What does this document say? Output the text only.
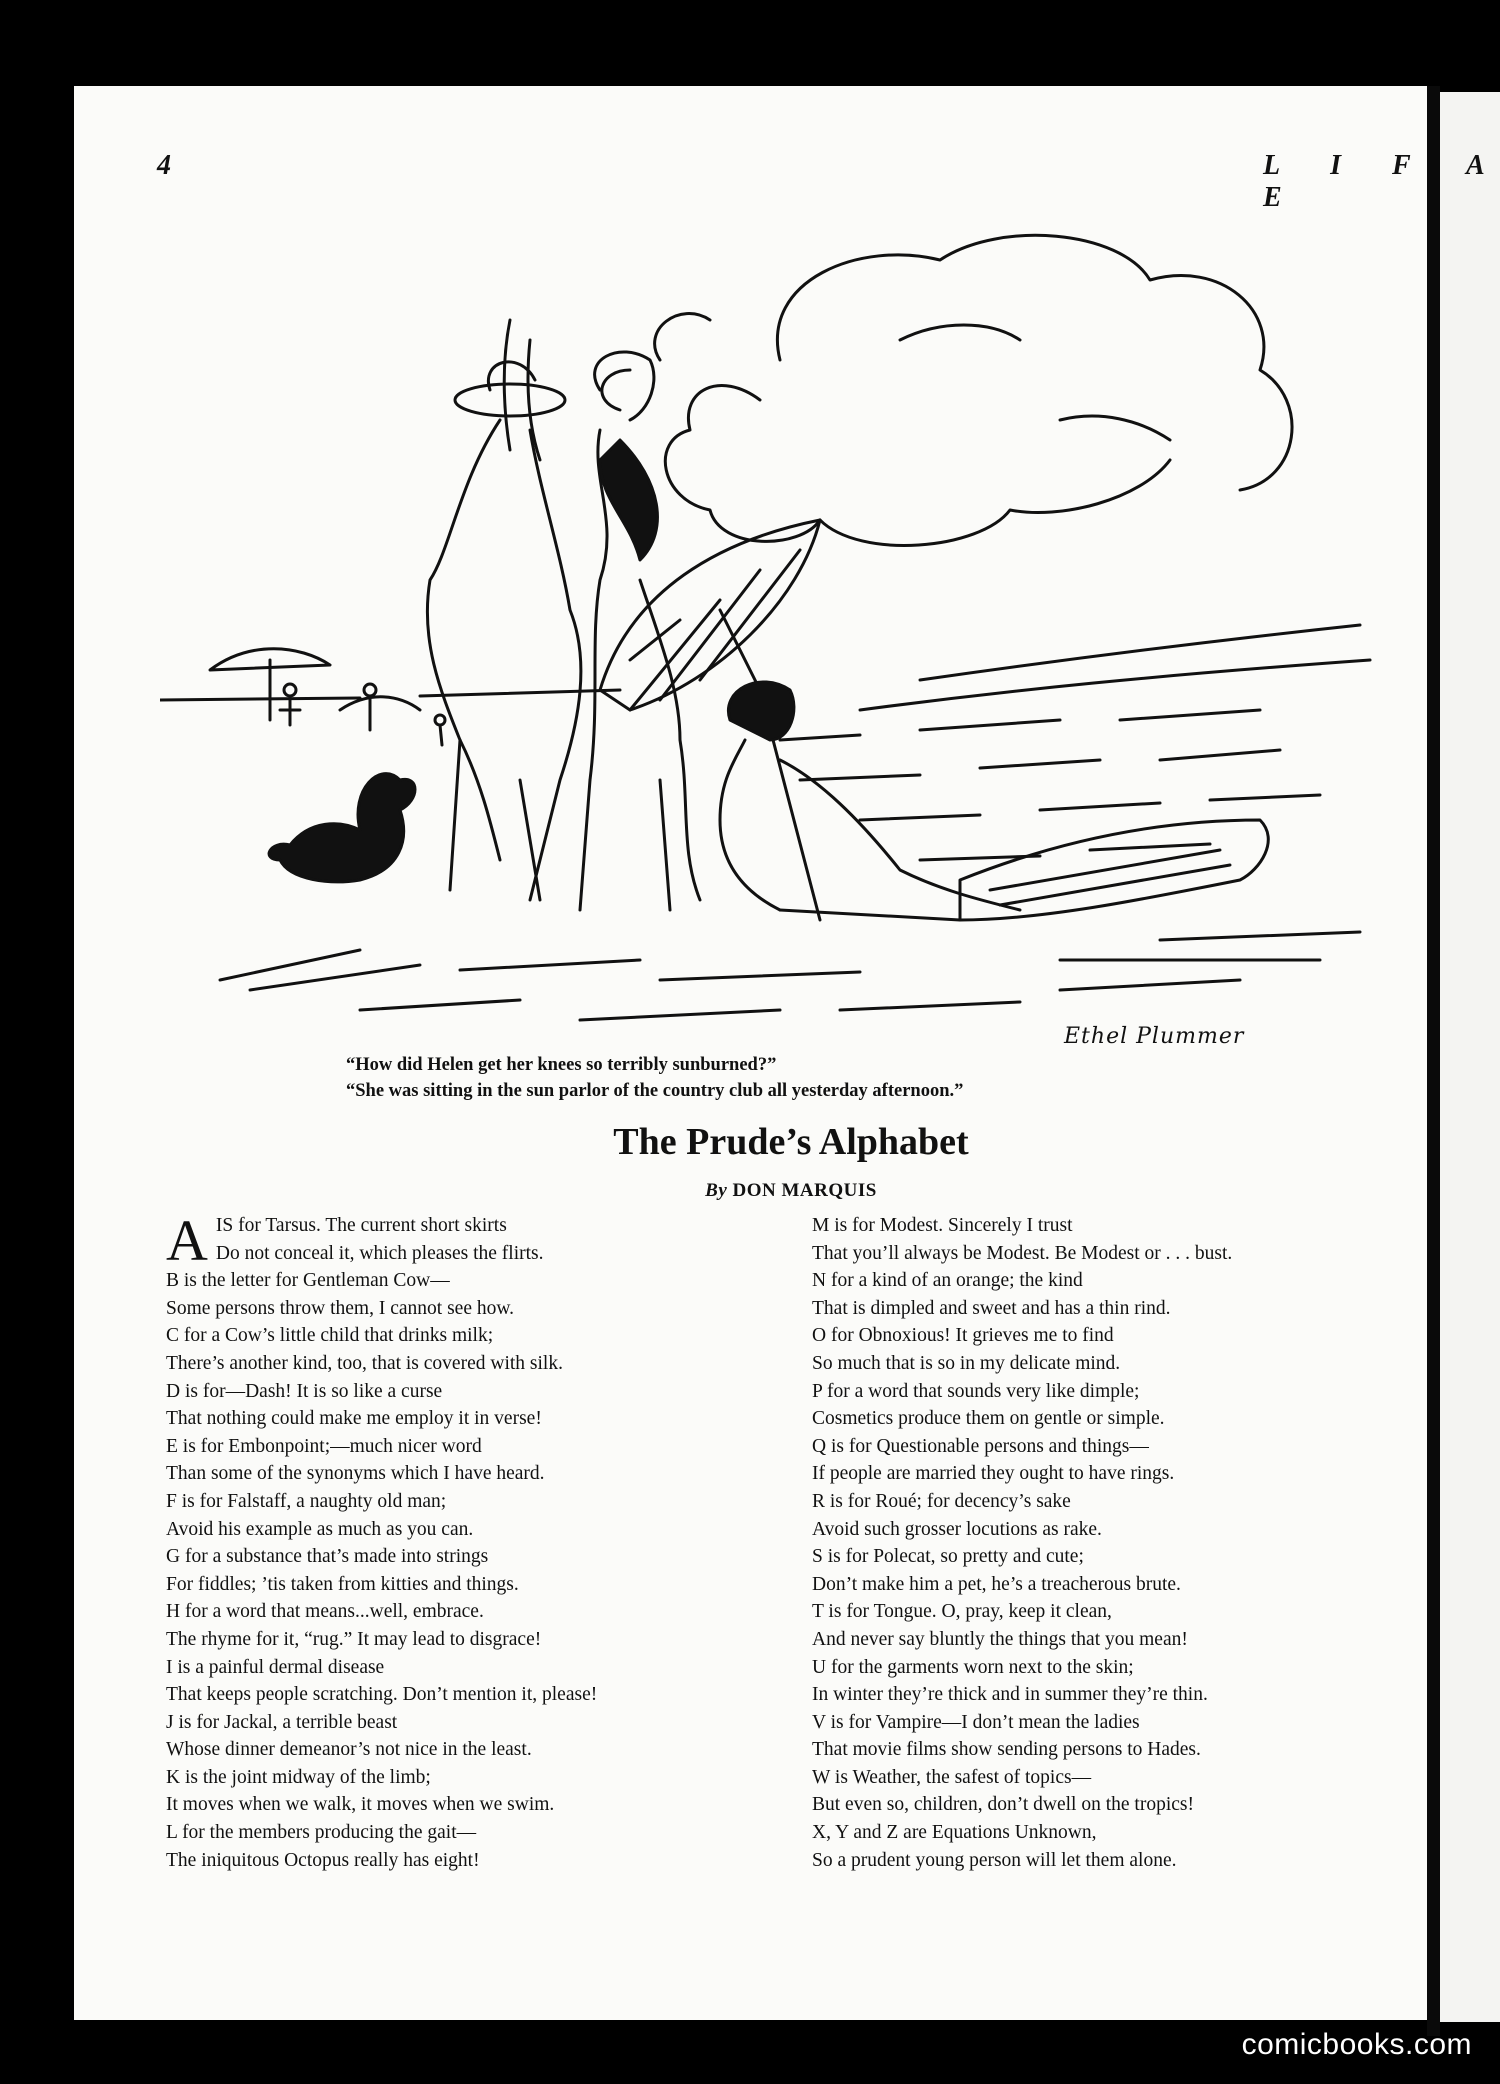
4	L I F E
A
Ethel Plummer
“How did Helen get her knees so terribly sunburned?”
“She was sitting in the sun parlor of the country club all yesterday afternoon.”
The Prude’s Alphabet
By DON MARQUIS
A IS for Tarsus. The current short skirts
Do not conceal it, which pleases the flirts.
B is the letter for Gentleman Cow—
Some persons throw them, I cannot see how.
C for a Cow’s little child that drinks milk;
There’s another kind, too, that is covered with silk.
D is for—Dash! It is so like a curse
That nothing could make me employ it in verse!
E is for Embonpoint;—much nicer word
Than some of the synonyms which I have heard.
F is for Falstaff, a naughty old man;
Avoid his example as much as you can.
G for a substance that’s made into strings
For fiddles; ’tis taken from kitties and things.
H for a word that means...well, embrace.
The rhyme for it, “rug.” It may lead to disgrace!
I is a painful dermal disease
That keeps people scratching. Don’t mention it, please!
J is for Jackal, a terrible beast
Whose dinner demeanor’s not nice in the least.
K is the joint midway of the limb;
It moves when we walk, it moves when we swim.
L for the members producing the gait—
The iniquitous Octopus really has eight!
M is for Modest. Sincerely I trust
That you’ll always be Modest. Be Modest or . . . bust.
N for a kind of an orange; the kind
That is dimpled and sweet and has a thin rind.
O for Obnoxious! It grieves me to find
So much that is so in my delicate mind.
P for a word that sounds very like dimple;
Cosmetics produce them on gentle or simple.
Q is for Questionable persons and things—
If people are married they ought to have rings.
R is for Roué; for decency’s sake
Avoid such grosser locutions as rake.
S is for Polecat, so pretty and cute;
Don’t make him a pet, he’s a treacherous brute.
T is for Tongue. O, pray, keep it clean,
And never say bluntly the things that you mean!
U for the garments worn next to the skin;
In winter they’re thick and in summer they’re thin.
V is for Vampire—I don’t mean the ladies
That movie films show sending persons to Hades.
W is Weather, the safest of topics—
But even so, children, don’t dwell on the tropics!
X, Y and Z are Equations Unknown,
So a prudent young person will let them alone.
comicbooks.com
